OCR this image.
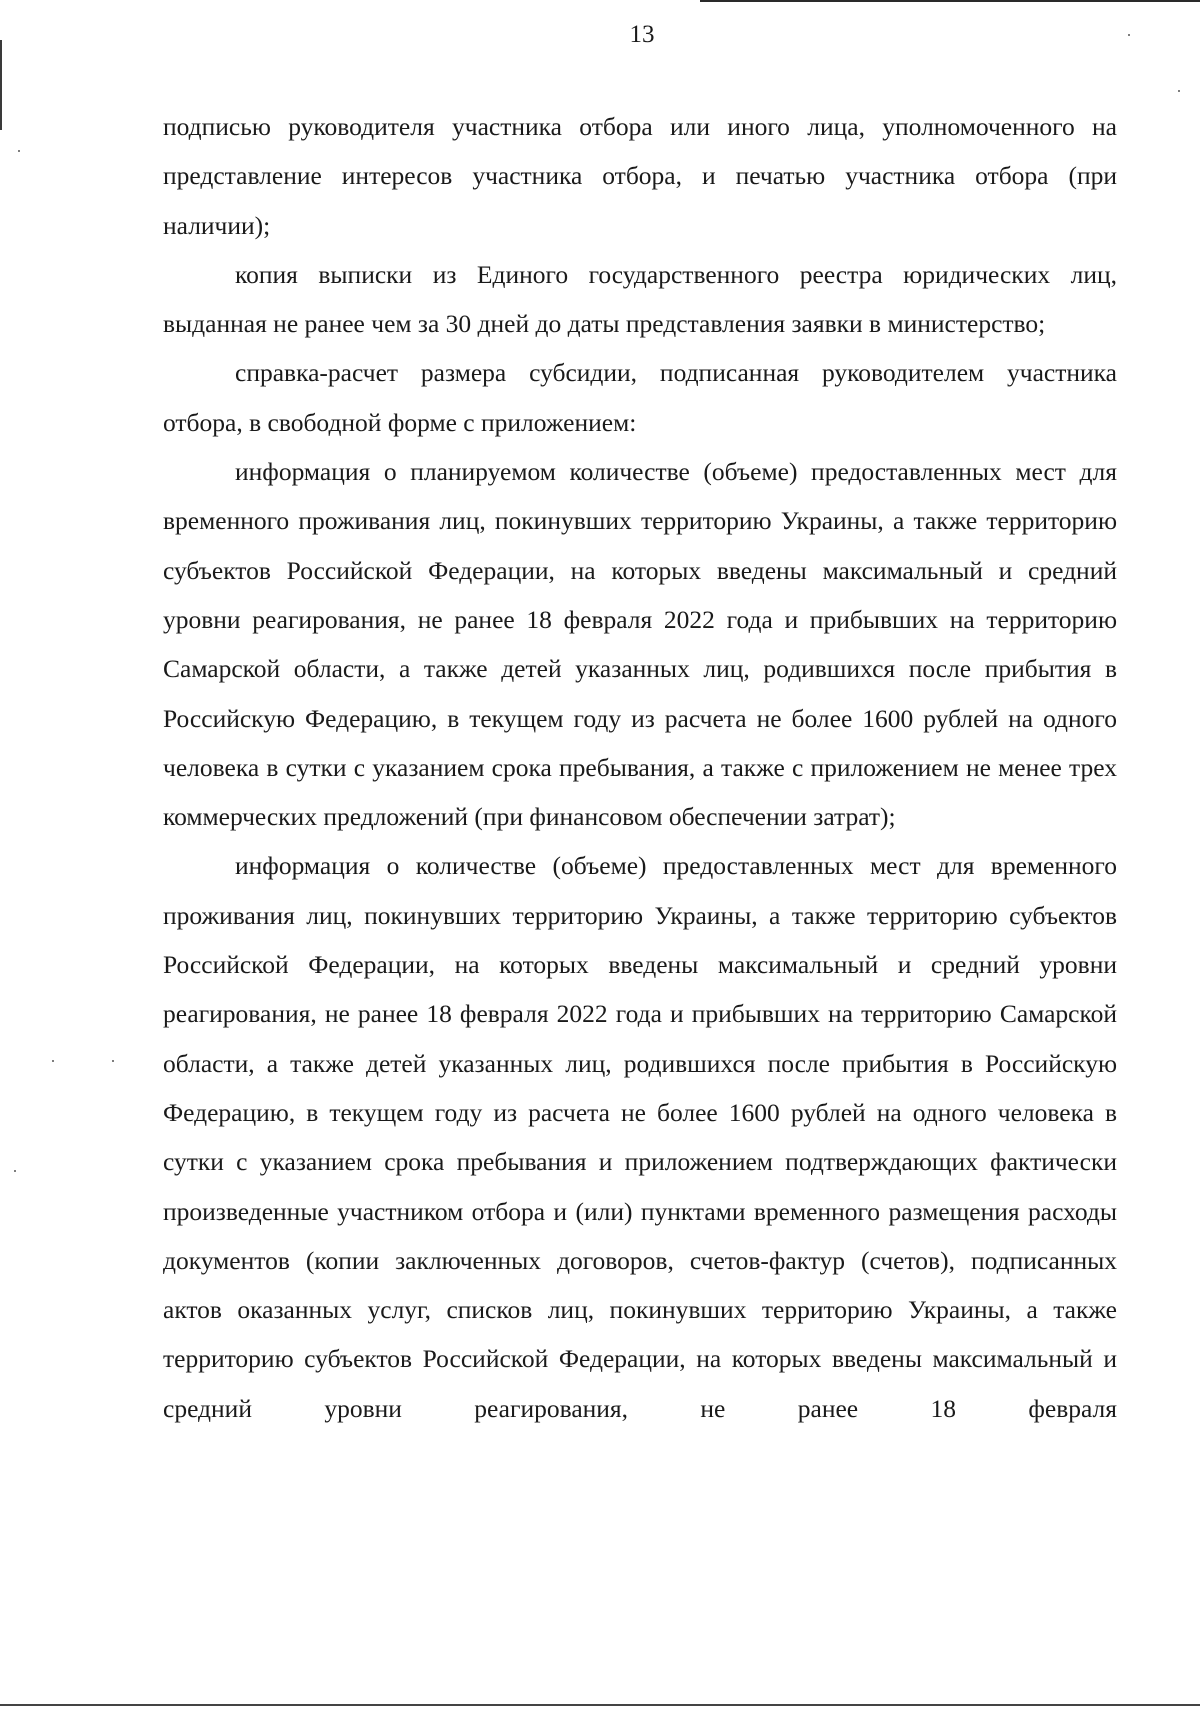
13

подписью руководителя участника отбора или иного лица, уполномоченного на представление интересов участника отбора, и печатью участника отбора (при наличии);

копия выписки из Единого государственного реестра юридических лиц, выданная не ранее чем за 30 дней до даты представления заявки в министерство;

справка-расчет размера субсидии, подписанная руководителем участника отбора, в свободной форме с приложением:

информация о планируемом количестве (объеме) предоставленных мест для временного проживания лиц, покинувших территорию Украины, а также территорию субъектов Российской Федерации, на которых введены максимальный и средний уровни реагирования, не ранее 18 февраля 2022 года и прибывших на территорию Самарской области, а также детей указанных лиц, родившихся после прибытия в Российскую Федерацию, в текущем году из расчета не более 1600 рублей на одного человека в сутки с указанием срока пребывания, а также с приложением не менее трех коммерческих предложений (при финансовом обеспечении затрат);

информация о количестве (объеме) предоставленных мест для временного проживания лиц, покинувших территорию Украины, а также территорию субъектов Российской Федерации, на которых введены максимальный и средний уровни реагирования, не ранее 18 февраля 2022 года и прибывших на территорию Самарской области, а также детей указанных лиц, родившихся после прибытия в Российскую Федерацию, в текущем году из расчета не более 1600 рублей на одного человека в сутки с указанием срока пребывания и приложением подтверждающих фактически произведенные участником отбора и (или) пунктами временного размещения расходы документов (копии заключенных договоров, счетов-фактур (счетов), подписанных актов оказанных услуг, списков лиц, покинувших территорию Украины, а также территорию субъектов Российской Федерации, на которых введены максимальный и средний уровни реагирования, не ранее 18 февраля
